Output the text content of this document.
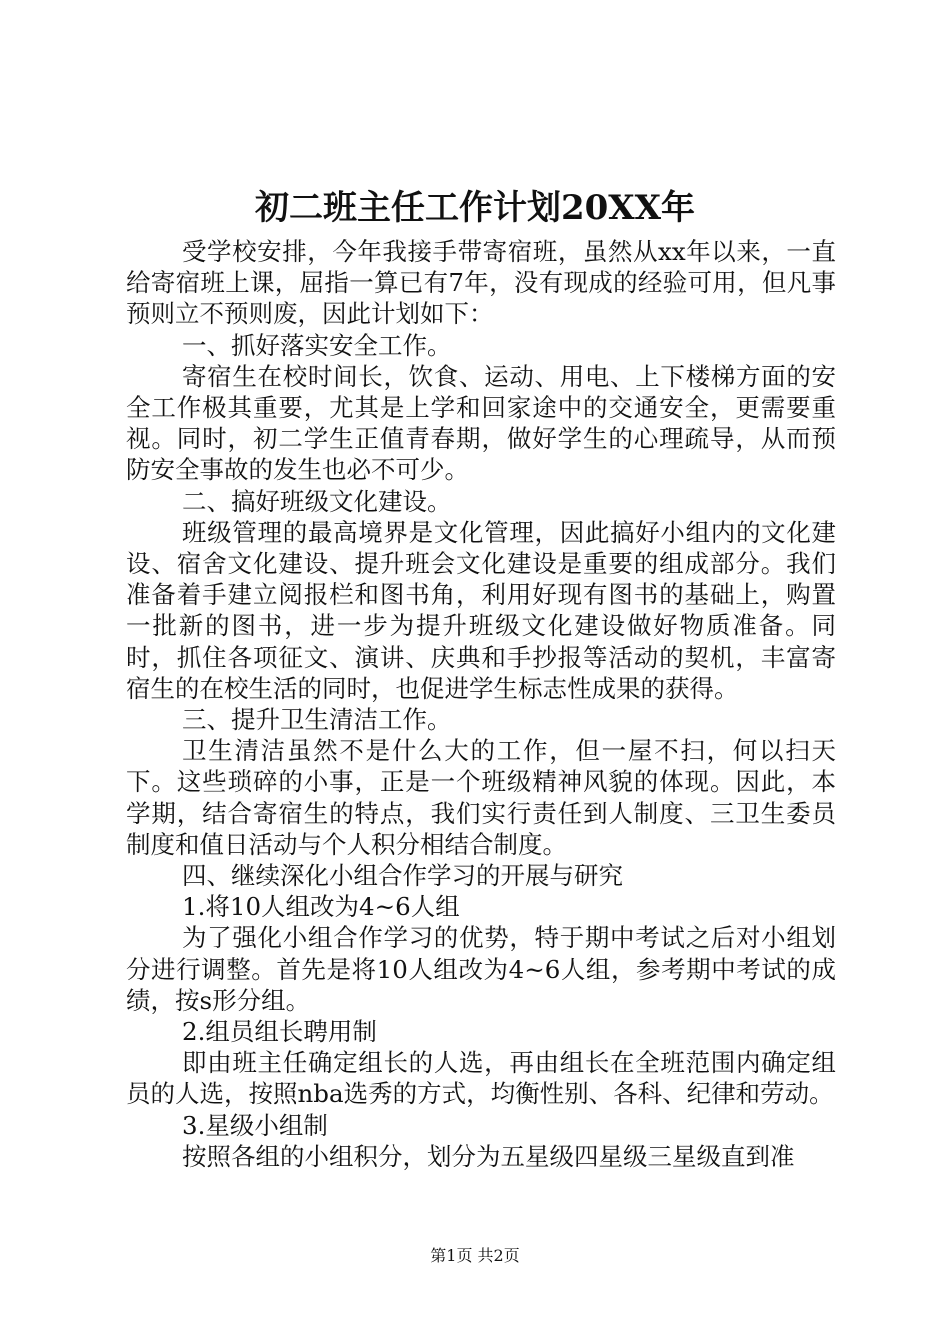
初二班主任工作计划20XX年

受学校安排，今年我接手带寄宿班，虽然从xx年以来，一直给寄宿班上课，屈指一算已有7年，没有现成的经验可用，但凡事预则立不预则废，因此计划如下：

一、抓好落实安全工作。

寄宿生在校时间长，饮食、运动、用电、上下楼梯方面的安全工作极其重要，尤其是上学和回家途中的交通安全，更需要重视。同时，初二学生正值青春期，做好学生的心理疏导，从而预防安全事故的发生也必不可少。

二、搞好班级文化建设。

班级管理的最高境界是文化管理，因此搞好小组内的文化建设、宿舍文化建设、提升班会文化建设是重要的组成部分。我们准备着手建立阅报栏和图书角，利用好现有图书的基础上，购置一批新的图书，进一步为提升班级文化建设做好物质准备。同时，抓住各项征文、演讲、庆典和手抄报等活动的契机，丰富寄宿生的在校生活的同时，也促进学生标志性成果的获得。

三、提升卫生清洁工作。

卫生清洁虽然不是什么大的工作，但一屋不扫，何以扫天下。这些琐碎的小事，正是一个班级精神风貌的体现。因此，本学期，结合寄宿生的特点，我们实行责任到人制度、三卫生委员制度和值日活动与个人积分相结合制度。

四、继续深化小组合作学习的开展与研究

1.将10人组改为4~6人组

为了强化小组合作学习的优势，特于期中考试之后对小组划分进行调整。首先是将10人组改为4~6人组，参考期中考试的成绩，按s形分组。

2.组员组长聘用制

即由班主任确定组长的人选，再由组长在全班范围内确定组员的人选，按照nba选秀的方式，均衡性别、各科、纪律和劳动。

3.星级小组制

按照各组的小组积分，划分为五星级四星级三星级直到准

第1页 共2页
